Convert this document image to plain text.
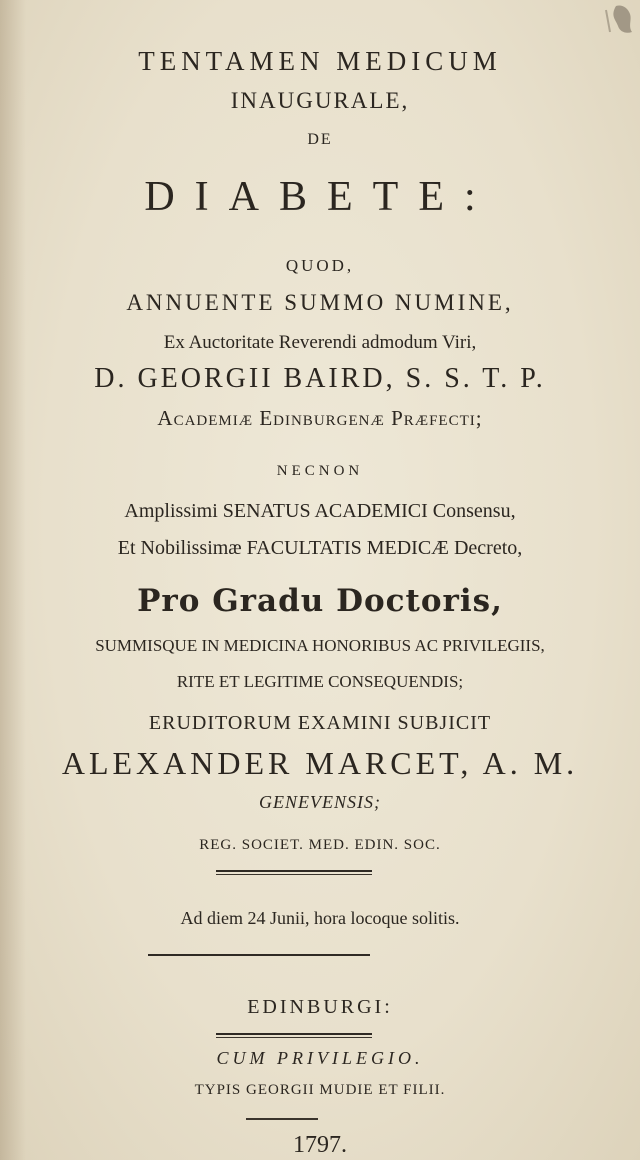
TENTAMEN MEDICUM
INAUGURALE,
DE
DIABETE:
QUOD,
ANNUENTE SUMMO NUMINE,
Ex Auctoritate Reverendi admodum Viri,
D. GEORGII BAIRD, S. S. T. P.
Academiæ Edinburgenæ Præfecti;
NECNON
Amplissimi SENATUS ACADEMICI Consensu,
Et Nobilissimæ FACULTATIS MEDICÆ Decreto,
Pro Gradu Doctoris,
SUMMISQUE IN MEDICINA HONORIBUS AC PRIVILEGIIS,
RITE ET LEGITIME CONSEQUENDIS;
ERUDITORUM EXAMINI SUBJICIT
ALEXANDER MARCET, A. M.
GENEVENSIS;
REG. SOCIET. MED. EDIN. SOC.
Ad diem 24 Junii, hora locoque solitis.
EDINBURGI:
CUM PRIVILEGIO.
TYPIS GEORGII MUDIE ET FILII.
1797.
